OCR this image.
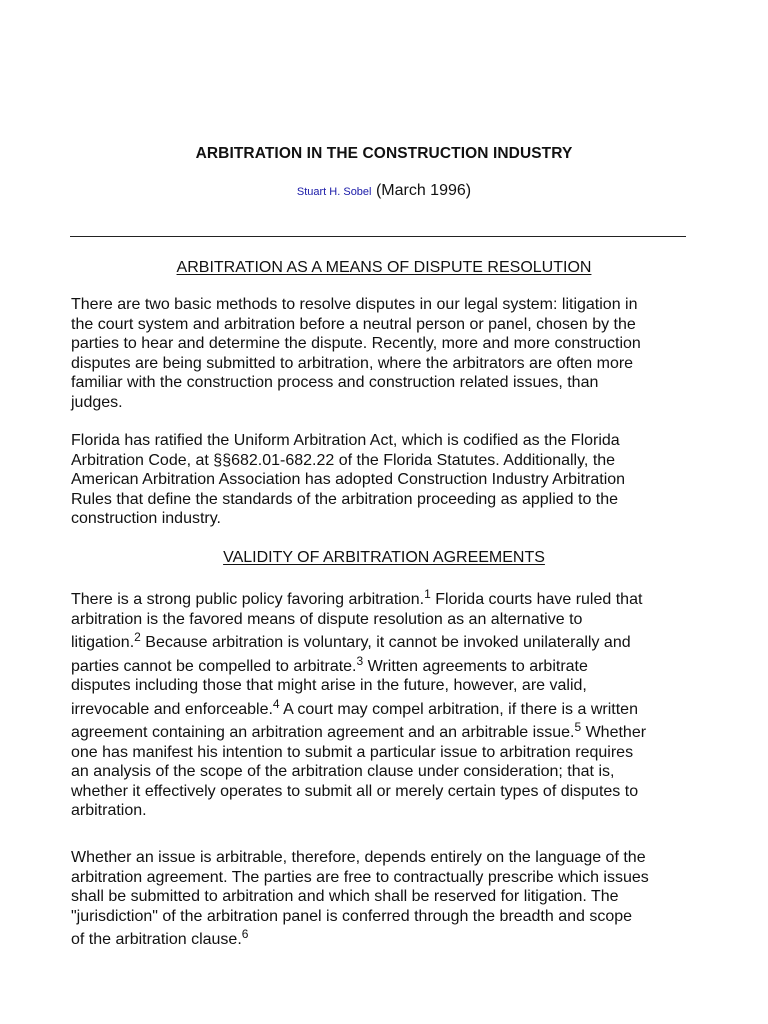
ARBITRATION IN THE CONSTRUCTION INDUSTRY
Stuart H. Sobel (March 1996)
ARBITRATION AS A MEANS OF DISPUTE RESOLUTION
There are two basic methods to resolve disputes in our legal system: litigation in
the court system and arbitration before a neutral person or panel, chosen by the
parties to hear and determine the dispute. Recently, more and more construction
disputes are being submitted to arbitration, where the arbitrators are often more
familiar with the construction process and construction related issues, than
judges.
Florida has ratified the Uniform Arbitration Act, which is codified as the Florida
Arbitration Code, at §§682.01-682.22 of the Florida Statutes. Additionally, the
American Arbitration Association has adopted Construction Industry Arbitration
Rules that define the standards of the arbitration proceeding as applied to the
construction industry.
VALIDITY OF ARBITRATION AGREEMENTS
There is a strong public policy favoring arbitration.$^1$ Florida courts have ruled that
arbitration is the favored means of dispute resolution as an alternative to
litigation.$^2$ Because arbitration is voluntary, it cannot be invoked unilaterally and
parties cannot be compelled to arbitrate.$^3$ Written agreements to arbitrate
disputes including those that might arise in the future, however, are valid,
irrevocable and enforceable.$^4$ A court may compel arbitration, if there is a written
agreement containing an arbitration agreement and an arbitrable issue.$^5$ Whether
one has manifest his intention to submit a particular issue to arbitration requires
an analysis of the scope of the arbitration clause under consideration; that is,
whether it effectively operates to submit all or merely certain types of disputes to
arbitration.
Whether an issue is arbitrable, therefore, depends entirely on the language of the
arbitration agreement. The parties are free to contractually prescribe which issues
shall be submitted to arbitration and which shall be reserved for litigation. The
"jurisdiction" of the arbitration panel is conferred through the breadth and scope
of the arbitration clause.$^6$
